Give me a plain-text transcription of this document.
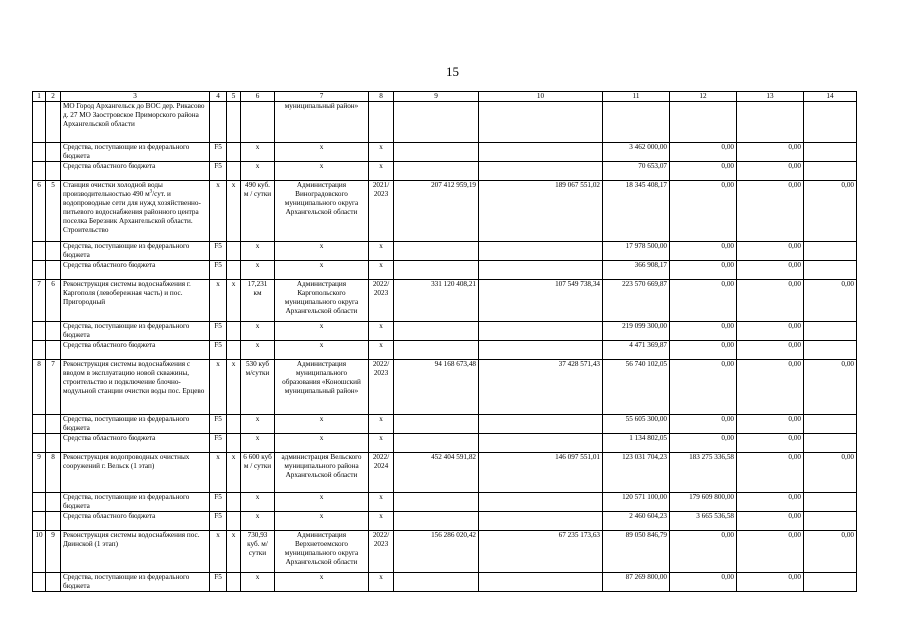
15
1	2	3	4	5	6	7	8	9	10	11	12	13	14
		МО Город Архангельск до ВОС дер. Рикасово д. 27 МО Заостровское Приморского района Архангельской области				муниципальный район»							
		Средства, поступающие из федерального бюджета	F5		x	x	x			3 462 000,00	0,00	0,00	
		Средства областного бюджета	F5		x	x	x			70 653,07	0,00	0,00	
6	5	Станция очистки холодной воды производительностью 490 $м^3$/сут. и водопроводные сети для нужд хозяйственно-питьевого водоснабжения районного центра поселка Березник Архангельской области. Строительство	x	x	490 куб. м / сутки	Администрация Виноградовского муниципального округа Архангельской области	2021/ 2023	207 412 959,19	189 067 551,02	18 345 408,17	0,00	0,00	0,00
		Средства, поступающие из федерального бюджета	F5		x	x	x			17 978 500,00	0,00	0,00	
		Средства областного бюджета	F5		x	x	x			366 908,17	0,00	0,00	
7	6	Реконструкция системы водоснабжения г. Каргополя (левобережная часть) и пос. Пригородный	x	x	17,231 км	Администрация Каргопольского муниципального округа Архангельской области	2022/ 2023	331 120 408,21	107 549 738,34	223 570 669,87	0,00	0,00	0,00
		Средства, поступающие из федерального бюджета	F5		x	x	x			219 099 300,00	0,00	0,00	
		Средства областного бюджета	F5		x	x	x			4 471 369,87	0,00	0,00	
8	7	Реконструкция системы водоснабжения с вводом в эксплуатацию новой скважины, строительство и подключение блочно-модульной станции очистки воды пос. Ерцево	x	x	530 куб м/сутки	Администрация муниципального образования «Коношский муниципальный район»	2022/ 2023	94 168 673,48	37 428 571,43	56 740 102,05	0,00	0,00	0,00
		Средства, поступающие из федерального бюджета	F5		x	x	x			55 605 300,00	0,00	0,00	
		Средства областного бюджета	F5		x	x	x			1 134 802,05	0,00	0,00	
9	8	Реконструкция водопроводных очистных сооружений г. Вельск (1 этап)	x	x	6 600 куб м / сутки	администрация Вельского муниципального района Архангельской области	2022/ 2024	452 404 591,82	146 097 551,01	123 031 704,23	183 275 336,58	0,00	0,00
		Средства, поступающие из федерального бюджета	F5		x	x	x			120 571 100,00	179 609 800,00	0,00	
		Средства областного бюджета	F5		x	x	x			2 460 604,23	3 665 536,58	0,00	
10	9	Реконструкция системы водоснабжения пос. Двинской (1 этап)	x	x	730,93 куб. м/сутки	Администрация Верхнетоемского муниципального округа Архангельской области	2022/ 2023	156 286 020,42	67 235 173,63	89 050 846,79	0,00	0,00	0,00
		Средства, поступающие из федерального бюджета	F5		x	x	x			87 269 800,00	0,00	0,00	
